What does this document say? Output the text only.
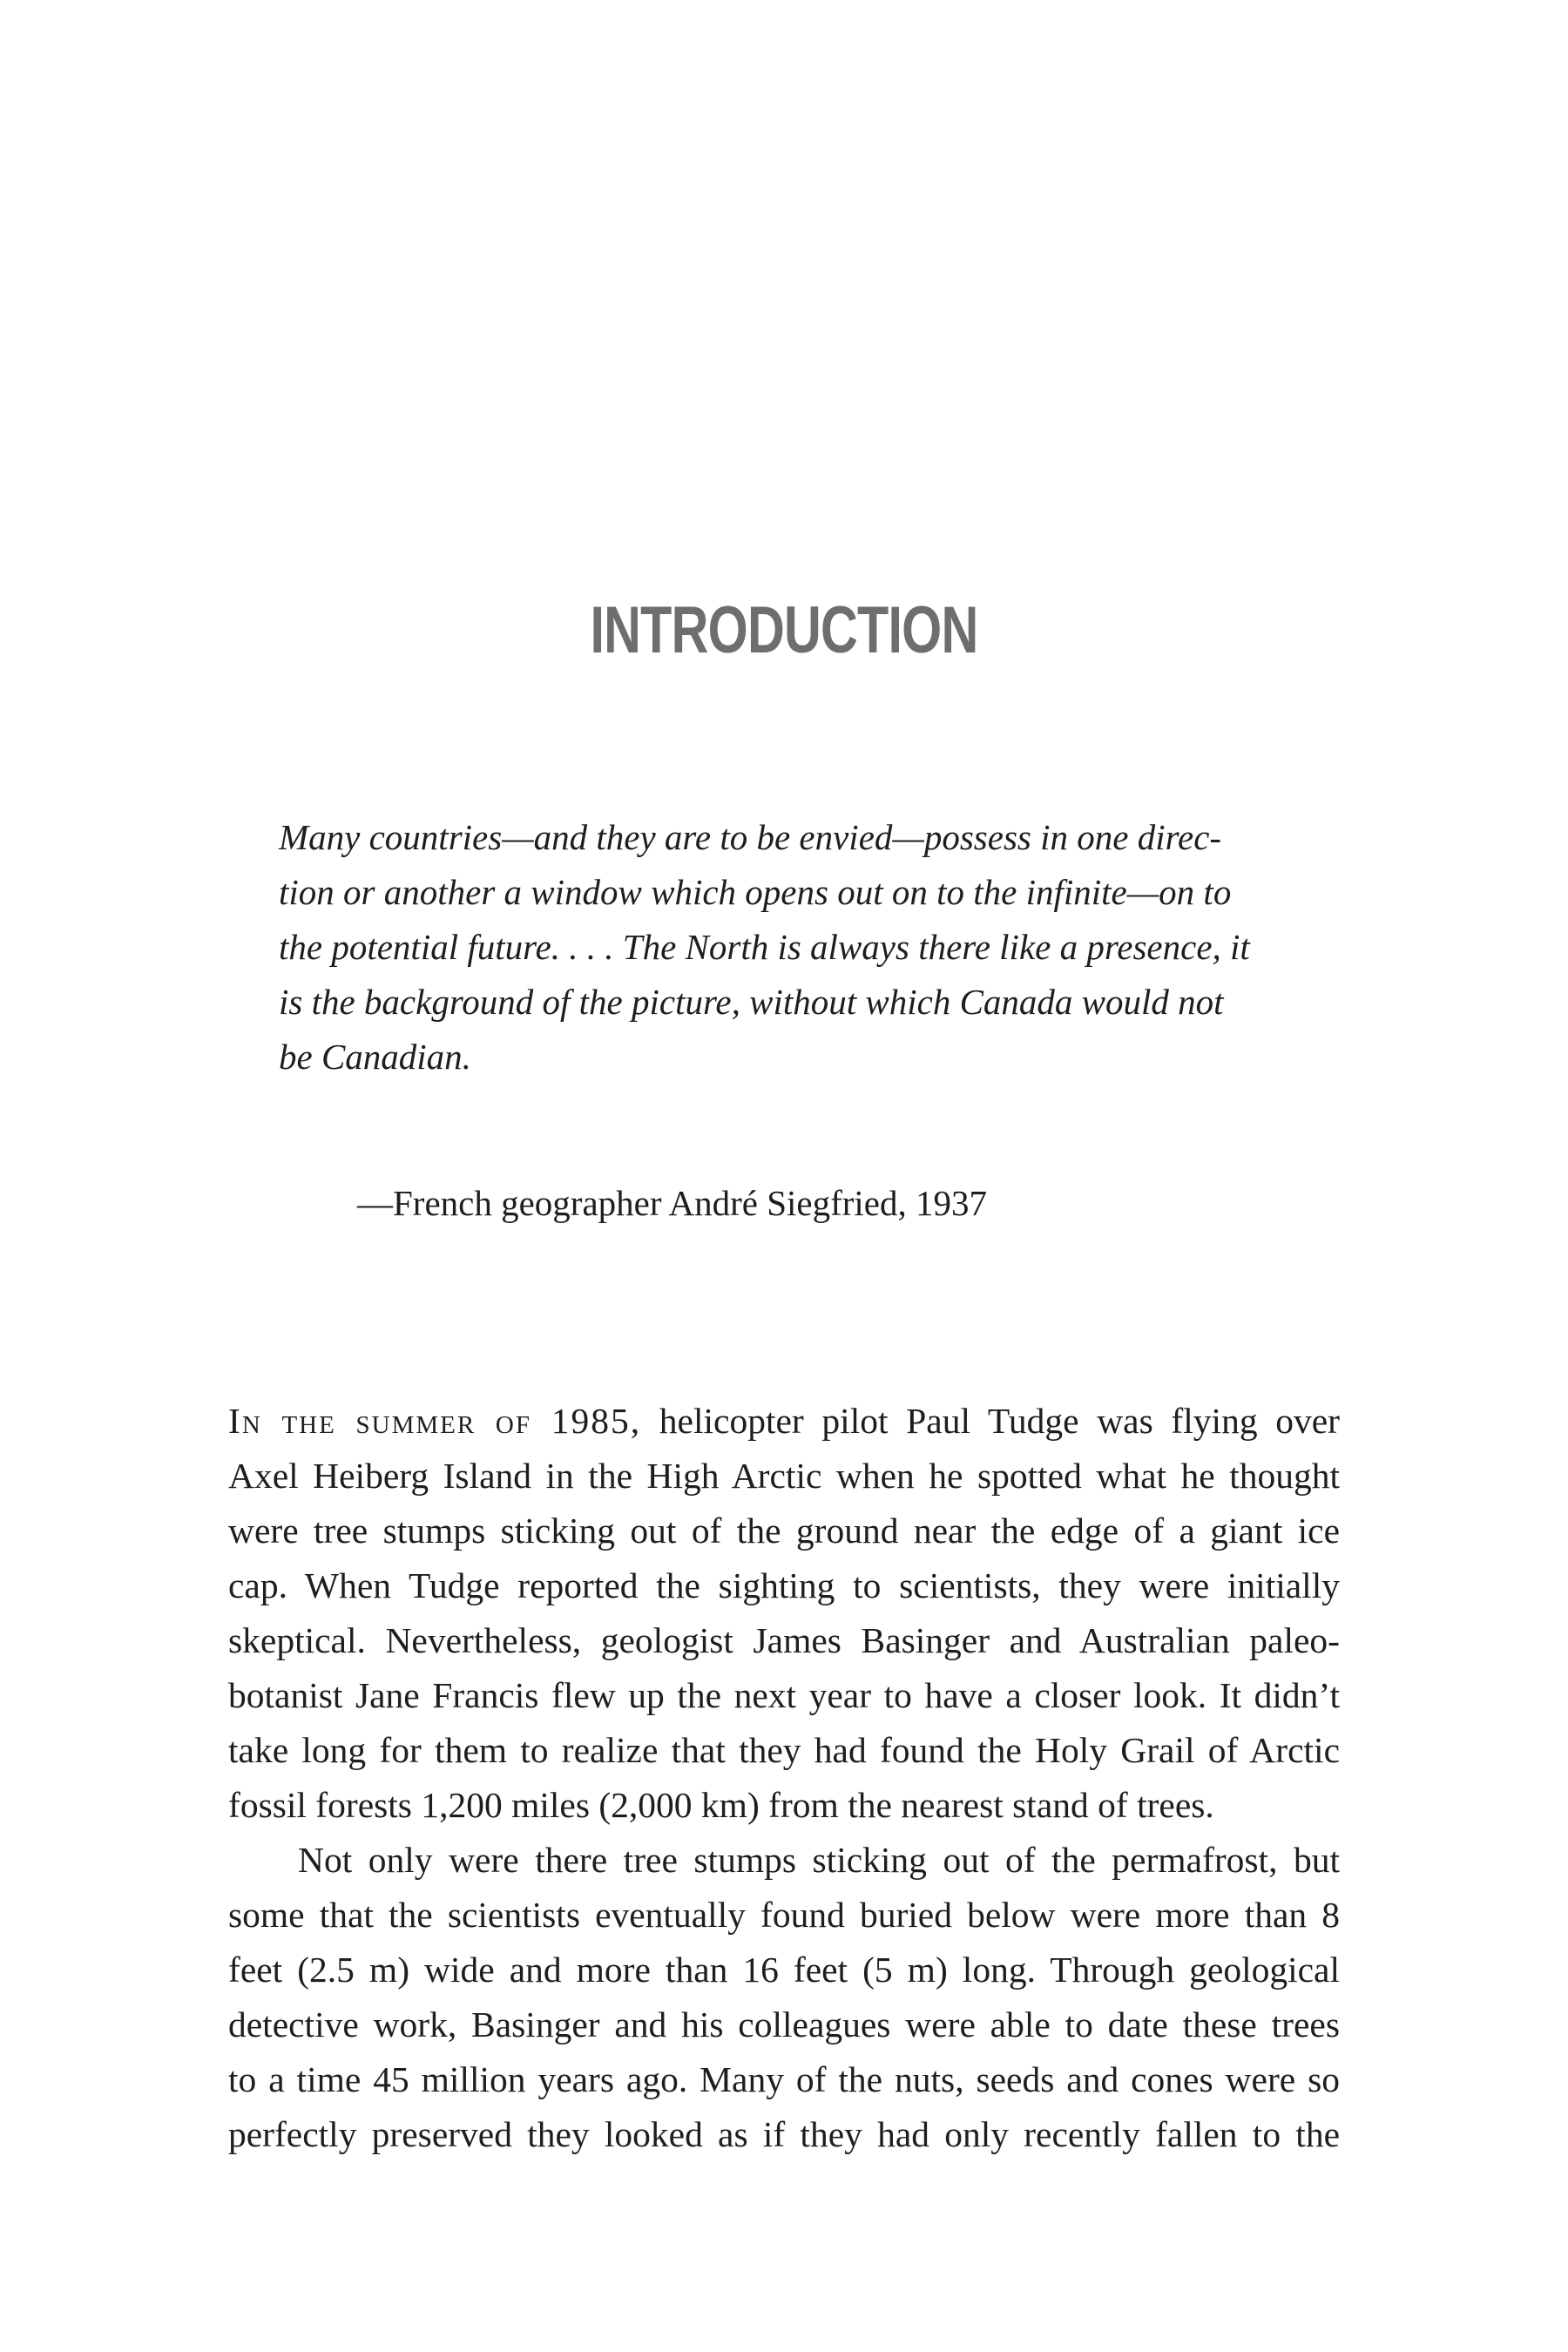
INTRODUCTION
Many countries—and they are to be envied—possess in one direc-
tion or another a window which opens out on to the infinite—on to
the potential future. . . . The North is always there like a presence, it
is the background of the picture, without which Canada would not
be Canadian.
—French geographer André Siegfried, 1937
In the summer of 1985, helicopter pilot Paul Tudge was flying over
Axel Heiberg Island in the High Arctic when he spotted what he thought
were tree stumps sticking out of the ground near the edge of a giant ice
cap. When Tudge reported the sighting to scientists, they were initially
skeptical. Nevertheless, geologist James Basinger and Australian paleo-
botanist Jane Francis flew up the next year to have a closer look. It didn’t
take long for them to realize that they had found the Holy Grail of Arctic
fossil forests 1,200 miles (2,000 km) from the nearest stand of trees.
Not only were there tree stumps sticking out of the permafrost, but
some that the scientists eventually found buried below were more than 8
feet (2.5 m) wide and more than 16 feet (5 m) long. Through geological
detective work, Basinger and his colleagues were able to date these trees
to a time 45 million years ago. Many of the nuts, seeds and cones were so
perfectly preserved they looked as if they had only recently fallen to the
